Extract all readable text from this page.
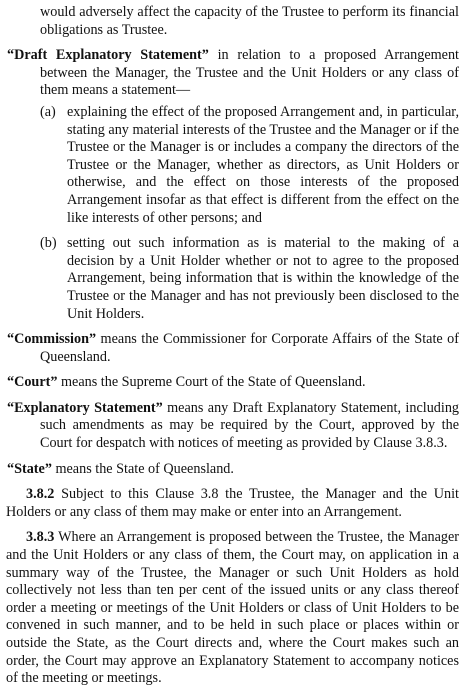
would adversely affect the capacity of the Trustee to perform its financial obligations as Trustee.

“Draft Explanatory Statement” in relation to a proposed Arrangement between the Manager, the Trustee and the Unit Holders or any class of them means a statement—

(a) explaining the effect of the proposed Arrangement and, in particular, stating any material interests of the Trustee and the Manager or if the Trustee or the Manager is or includes a company the directors of the Trustee or the Manager, whether as directors, as Unit Holders or otherwise, and the effect on those interests of the proposed Arrangement insofar as that effect is different from the effect on the like interests of other persons; and
(b) setting out such information as is material to the making of a decision by a Unit Holder whether or not to agree to the proposed Arrangement, being information that is within the knowledge of the Trustee or the Manager and has not previously been disclosed to the Unit Holders.

“Commission” means the Commissioner for Corporate Affairs of the State of Queensland.

“Court” means the Supreme Court of the State of Queensland.

“Explanatory Statement” means any Draft Explanatory Statement, including such amendments as may be required by the Court, approved by the Court for despatch with notices of meeting as provided by Clause 3.8.3.

“State” means the State of Queensland.

3.8.2 Subject to this Clause 3.8 the Trustee, the Manager and the Unit Holders or any class of them may make or enter into an Arrangement.

3.8.3 Where an Arrangement is proposed between the Trustee, the Manager and the Unit Holders or any class of them, the Court may, on application in a summary way of the Trustee, the Manager or such Unit Holders as hold collectively not less than ten per cent of the issued units or any class thereof order a meeting or meetings of the Unit Holders or class of Unit Holders to be convened in such manner, and to be held in such place or places within or outside the State, as the Court directs and, where the Court makes such an order, the Court may approve an Explanatory Statement to accompany notices of the meeting or meetings.
